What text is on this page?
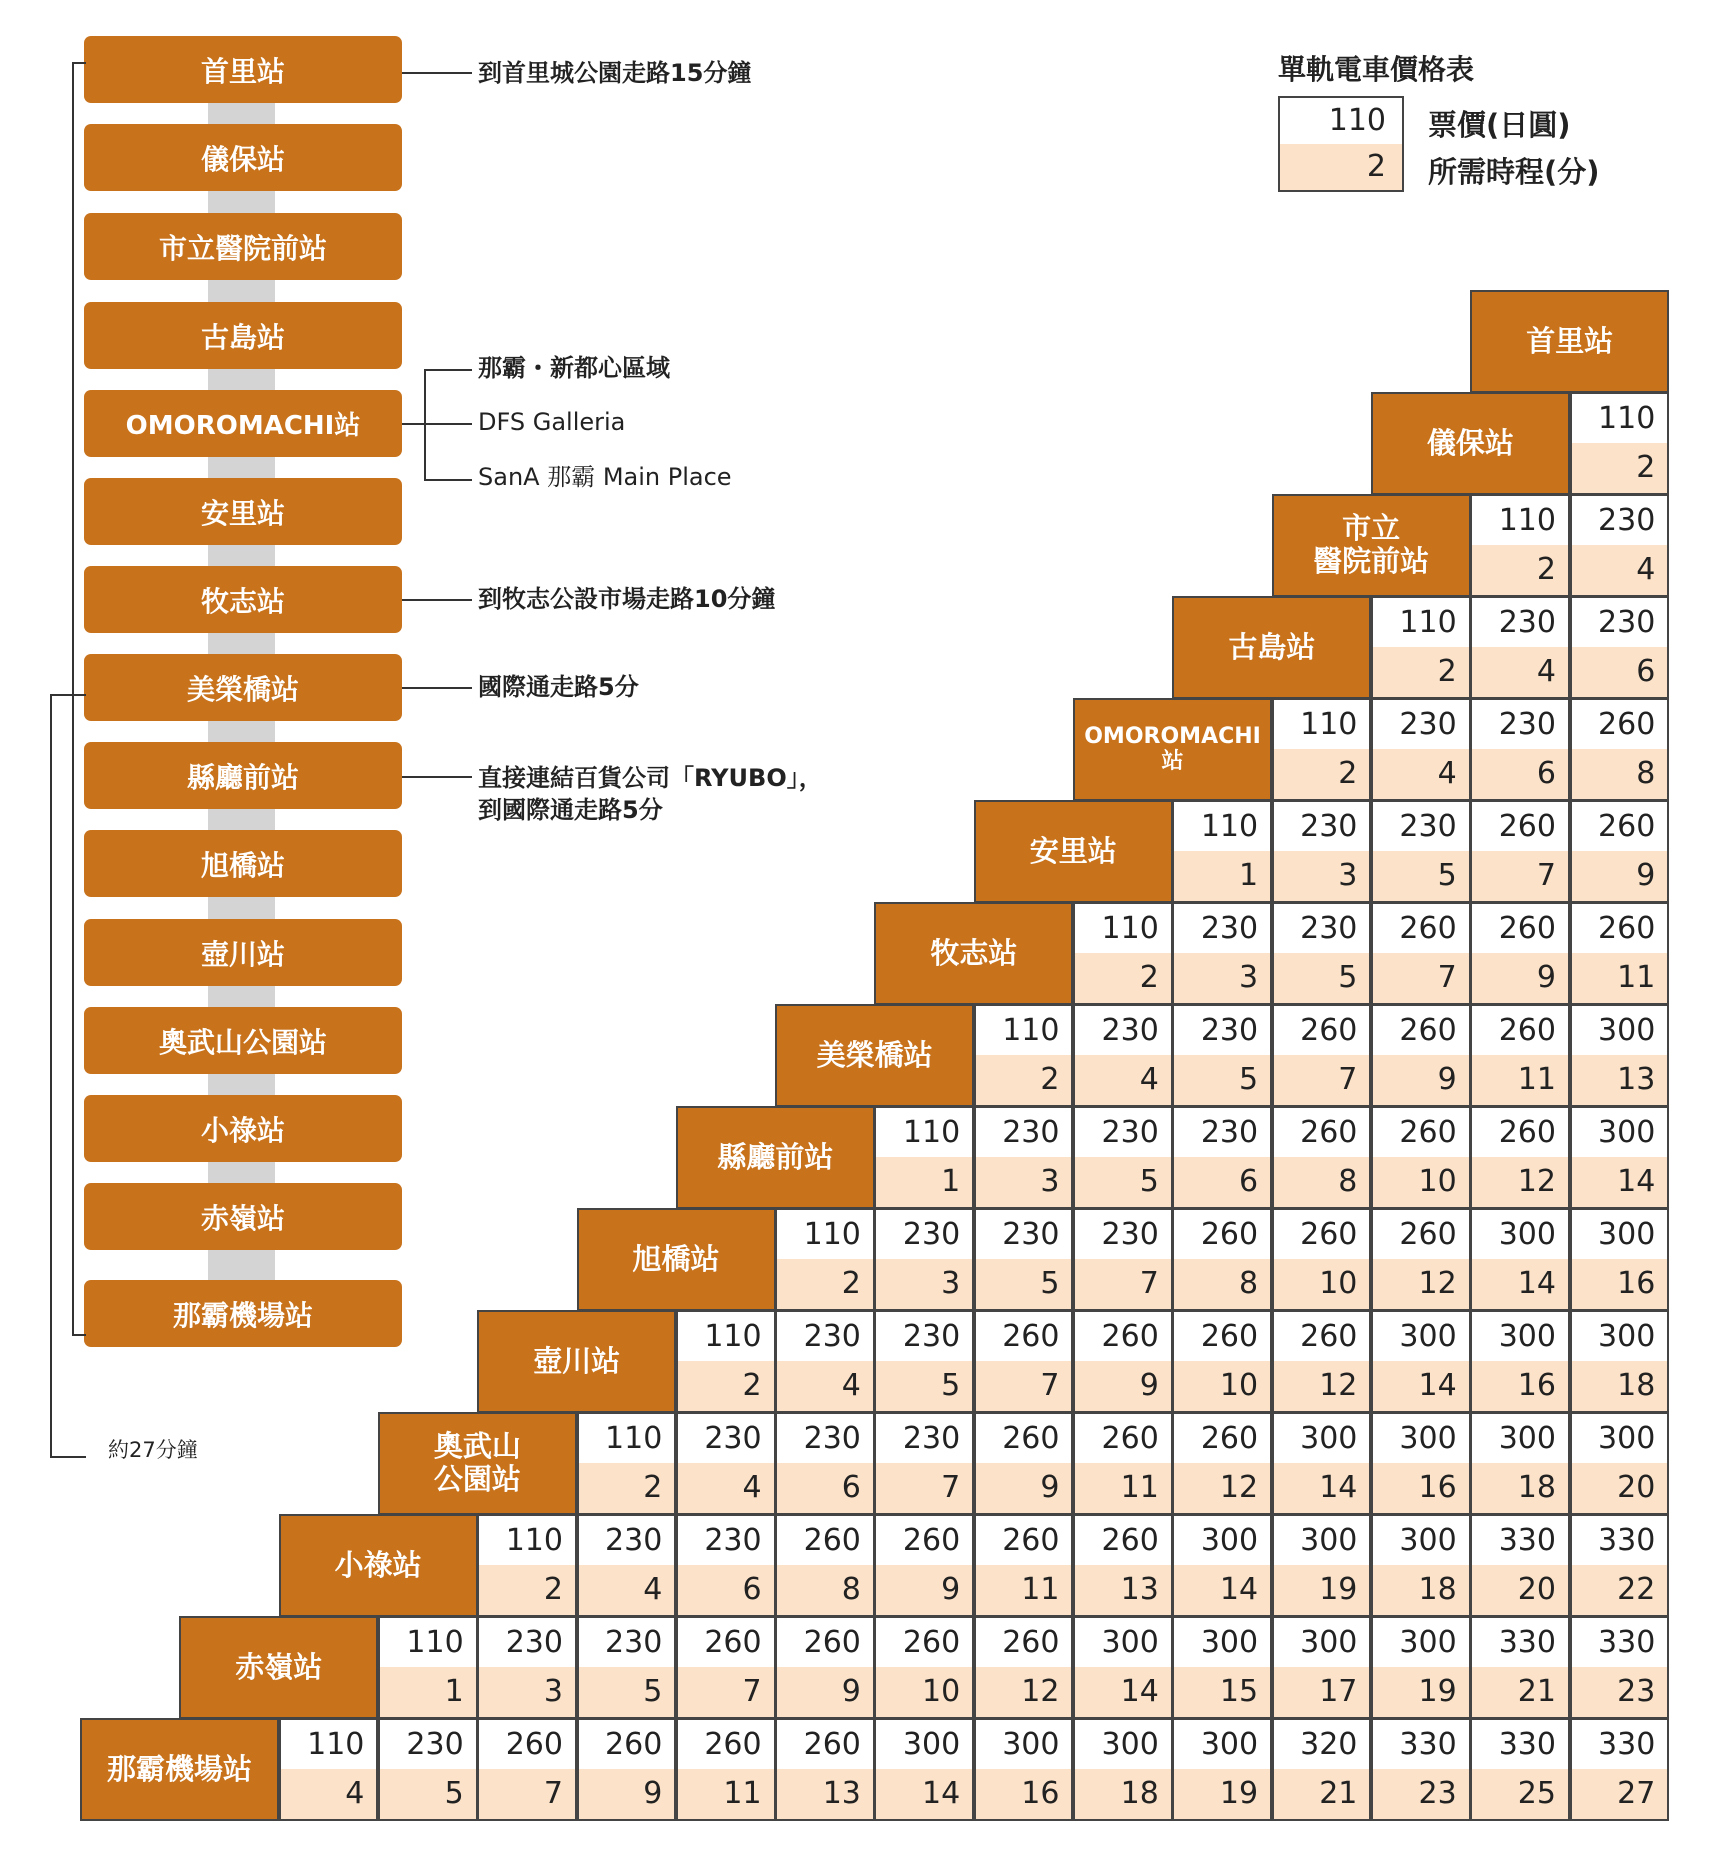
首里站
儀保站
市立醫院前站
古島站
OMOROMACHI站
安里站
牧志站
美榮橋站
縣廳前站
旭橋站
壺川站
奧武山公園站
小祿站
赤嶺站
那霸機場站
約27分鐘
到首里城公園走路15分鐘
那霸・新都心區域
DFS Galleria
SanA 那霸 Main Place
到牧志公設市場走路10分鐘
國際通走路5分
直接連結百貨公司「RYUBO」，
到國際通走路5分
單軌電車價格表
110
2
票價(日圓)
所需時程(分)
首里站
儀保站
110
2
市立
醫院前站
110
2
230
4
古島站
110
2
230
4
230
6
OMOROMACHI
站
110
2
230
4
230
6
260
8
安里站
110
1
230
3
230
5
260
7
260
9
牧志站
110
2
230
3
230
5
260
7
260
9
260
11
美榮橋站
110
2
230
4
230
5
260
7
260
9
260
11
300
13
縣廳前站
110
1
230
3
230
5
230
6
260
8
260
10
260
12
300
14
旭橋站
110
2
230
3
230
5
230
7
260
8
260
10
260
12
300
14
300
16
壺川站
110
2
230
4
230
5
260
7
260
9
260
10
260
12
300
14
300
16
300
18
奧武山
公園站
110
2
230
4
230
6
230
7
260
9
260
11
260
12
300
14
300
16
300
18
300
20
小祿站
110
2
230
4
230
6
260
8
260
9
260
11
260
13
300
14
300
19
300
18
330
20
330
22
赤嶺站
110
1
230
3
230
5
260
7
260
9
260
10
260
12
300
14
300
15
300
17
300
19
330
21
330
23
那霸機場站
110
4
230
5
260
7
260
9
260
11
260
13
300
14
300
16
300
18
300
19
320
21
330
23
330
25
330
27
